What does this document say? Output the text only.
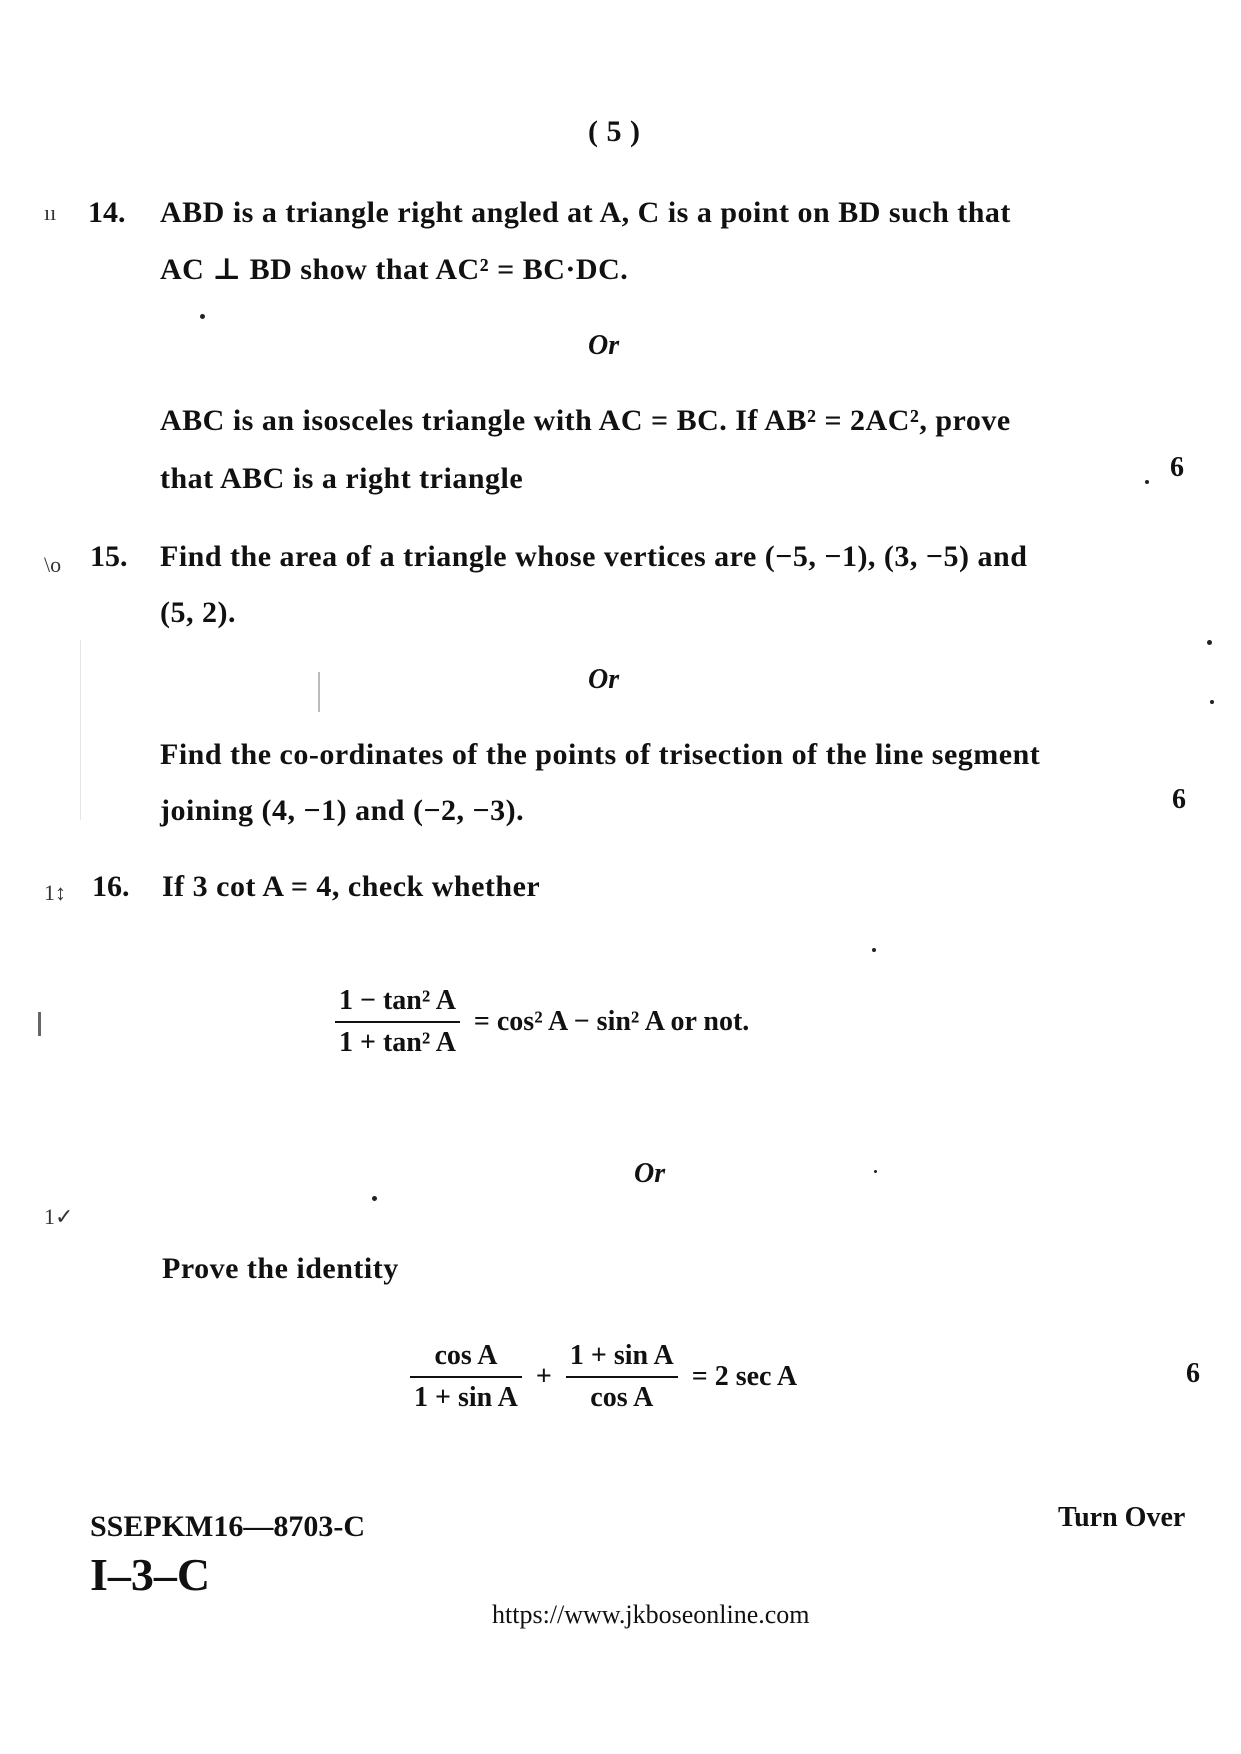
( 5 )
ıı 14. ABD is a triangle right angled at A, C is a point on BD such that
AC ⊥ BD show that AC² = BC·DC.
Or
ABC is an isosceles triangle with AC = BC. If AB² = 2AC², prove
that ABC is a right triangle	6
\o 15. Find the area of a triangle whose vertices are (−5, −1), (3, −5) and
(5, 2).
Or
Find the co-ordinates of the points of trisection of the line segment
joining (4, −1) and (−2, −3).	6
1↕ 16. If 3 cot A = 4, check whether
$\frac{\text{1 − tan² A}}{\text{1 + tan² A}} = \cos^2$ A − sin² A or not.
Or
1✓
Prove the identity
$\frac{\text{cos A}}{\text{1 + sin A}} + \frac{\text{1 + sin A}}{\text{cos A}} = 2$ sec A	6
SSEPKM16—8703-C
I–3–C
Turn Over
https://www.jkboseonline.com
